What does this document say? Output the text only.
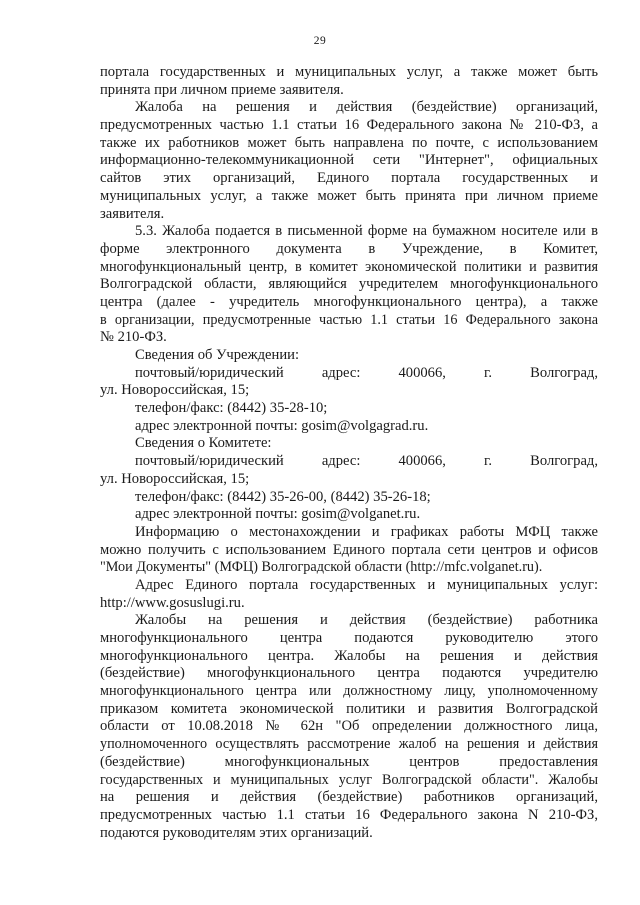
29
портала государственных и муниципальных услуг, а также может быть
принята при личном приеме заявителя.
Жалоба на решения и действия (бездействие) организаций,
предусмотренных частью 1.1 статьи 16 Федерального закона № 210-ФЗ, а
также их работников может быть направлена по почте, с использованием
информационно-телекоммуникационной сети "Интернет", официальных
сайтов этих организаций, Единого портала государственных и
муниципальных услуг, а также может быть принята при личном приеме
заявителя.
5.3. Жалоба подается в письменной форме на бумажном носителе или в
форме электронного документа в Учреждение, в Комитет,
многофункциональный центр, в комитет экономической политики и развития
Волгоградской области, являющийся учредителем многофункционального
центра (далее - учредитель многофункционального центра), а также
в организации, предусмотренные частью 1.1 статьи 16 Федерального закона
№ 210-ФЗ.
Сведения об Учреждении:
почтовый/юридический адрес: 400066, г. Волгоград,
ул. Новороссийская, 15;
телефон/факс: (8442) 35-28-10;
адрес электронной почты: gosim@volgagrad.ru.
Сведения о Комитете:
почтовый/юридический адрес: 400066, г. Волгоград,
ул. Новороссийская, 15;
телефон/факс: (8442) 35-26-00, (8442) 35-26-18;
адрес электронной почты: gosim@volganet.ru.
Информацию о местонахождении и графиках работы МФЦ также
можно получить с использованием Единого портала сети центров и офисов
"Мои Документы" (МФЦ) Волгоградской области (http://mfc.volganet.ru).
Адрес Единого портала государственных и муниципальных услуг:
http://www.gosuslugi.ru.
Жалобы на решения и действия (бездействие) работника
многофункционального центра подаются руководителю этого
многофункционального центра. Жалобы на решения и действия
(бездействие) многофункционального центра подаются учредителю
многофункционального центра или должностному лицу, уполномоченному
приказом комитета экономической политики и развития Волгоградской
области от 10.08.2018 № 62н "Об определении должностного лица,
уполномоченного осуществлять рассмотрение жалоб на решения и действия
(бездействие) многофункциональных центров предоставления
государственных и муниципальных услуг Волгоградской области". Жалобы
на решения и действия (бездействие) работников организаций,
предусмотренных частью 1.1 статьи 16 Федерального закона N 210-ФЗ,
подаются руководителям этих организаций.
